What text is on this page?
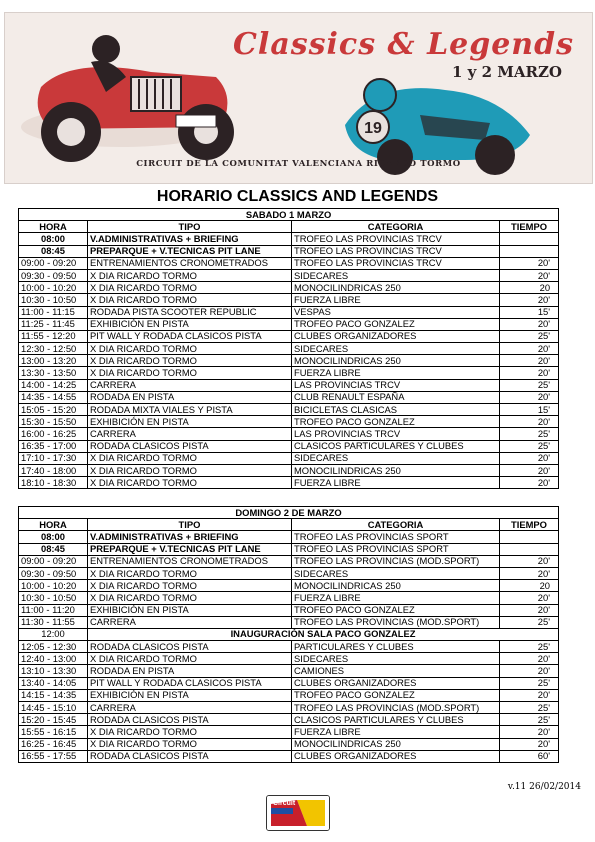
19
Classics & Legends
1 y 2 MARZO
CIRCUIT DE LA COMUNITAT VALENCIANA RICARDO TORMO
HORARIO CLASSICS AND LEGENDS
SABADO 1 MARZO			
HORA	TIPO	CATEGORIA	TIEMPO
08:00	V.ADMINISTRATIVAS + BRIEFING	TROFEO LAS PROVINCIAS TRCV	
08:45	PREPARQUE + V.TECNICAS PIT LANE	TROFEO LAS PROVINCIAS TRCV	
09:00 - 09:20	ENTRENAMIENTOS CRONOMETRADOS	TROFEO LAS PROVINCIAS TRCV	20'
09:30 - 09:50	X DIA RICARDO TORMO	SIDECARES	20'
10:00 - 10:20	X DIA RICARDO TORMO	MONOCILINDRICAS 250	20
10:30 - 10:50	X DIA RICARDO TORMO	FUERZA LIBRE	20'
11:00 - 11:15	RODADA PISTA SCOOTER REPUBLIC	VESPAS	15'
11:25 - 11:45	EXHIBICIÓN EN PISTA	TROFEO PACO GONZALEZ	20'
11:55 - 12:20	PIT WALL Y RODADA CLASICOS PISTA	CLUBES ORGANIZADORES	25'
12:30 - 12:50	X DIA RICARDO TORMO	SIDECARES	20'
13:00 - 13:20	X DIA RICARDO TORMO	MONOCILINDRICAS 250	20'
13:30 - 13:50	X DIA RICARDO TORMO	FUERZA LIBRE	20'
14:00 - 14:25	CARRERA	LAS PROVINCIAS TRCV	25'
14:35 - 14:55	RODADA EN PISTA	CLUB RENAULT ESPAÑA	20'
15:05 - 15:20	RODADA MIXTA VIALES Y PISTA	BICICLETAS CLASICAS	15'
15:30 - 15:50	EXHIBICIÓN EN PISTA	TROFEO PACO GONZALEZ	20'
16:00 - 16:25	CARRERA	LAS PROVINCIAS TRCV	25'
16:35 - 17:00	RODADA CLASICOS PISTA	CLASICOS PARTICULARES Y CLUBES	25'
17:10 - 17:30	X DIA RICARDO TORMO	SIDECARES	20'
17:40 - 18:00	X DIA RICARDO TORMO	MONOCILINDRICAS 250	20'
18:10 - 18:30	X DIA RICARDO TORMO	FUERZA LIBRE	20'
DOMINGO 2 DE MARZO			
HORA	TIPO	CATEGORIA	TIEMPO
08:00	V.ADMINISTRATIVAS + BRIEFING	TROFEO LAS PROVINCIAS SPORT	
08:45	PREPARQUE + V.TECNICAS PIT LANE	TROFEO LAS PROVINCIAS SPORT	
09:00 - 09:20	ENTRENAMIENTOS CRONOMETRADOS	TROFEO LAS PROVINCIAS (MOD.SPORT)	20'
09:30 - 09:50	X DIA RICARDO TORMO	SIDECARES	20'
10:00 - 10:20	X DIA RICARDO TORMO	MONOCILINDRICAS 250	20
10:30 - 10:50	X DIA RICARDO TORMO	FUERZA LIBRE	20'
11:00 - 11:20	EXHIBICIÓN EN PISTA	TROFEO PACO GONZALEZ	20'
11:30 - 11:55	CARRERA	TROFEO LAS PROVINCIAS (MOD.SPORT)	25'
12:00	INAUGURACIÓN SALA PACO GONZALEZ		
12:05 - 12:30	RODADA CLASICOS PISTA	PARTICULARES Y CLUBES	25'
12:40 - 13:00	X DIA RICARDO TORMO	SIDECARES	20'
13:10 - 13:30	RODADA EN PISTA	CAMIONES	20'
13:40 - 14:05	PIT WALL Y RODADA CLASICOS PISTA	CLUBES ORGANIZADORES	25'
14:15 - 14:35	EXHIBICIÓN EN PISTA	TROFEO PACO GONZALEZ	20'
14:45 - 15:10	CARRERA	TROFEO LAS PROVINCIAS (MOD.SPORT)	25'
15:20 - 15:45	RODADA CLASICOS PISTA	CLASICOS PARTICULARES Y CLUBES	25'
15:55 - 16:15	X DIA RICARDO TORMO	FUERZA LIBRE	20'
16:25 - 16:45	X DIA RICARDO TORMO	MONOCILINDRICAS 250	20'
16:55 - 17:55	RODADA CLASICOS PISTA	CLUBES ORGANIZADORES	60'
v.11 26/02/2014
Circuit
